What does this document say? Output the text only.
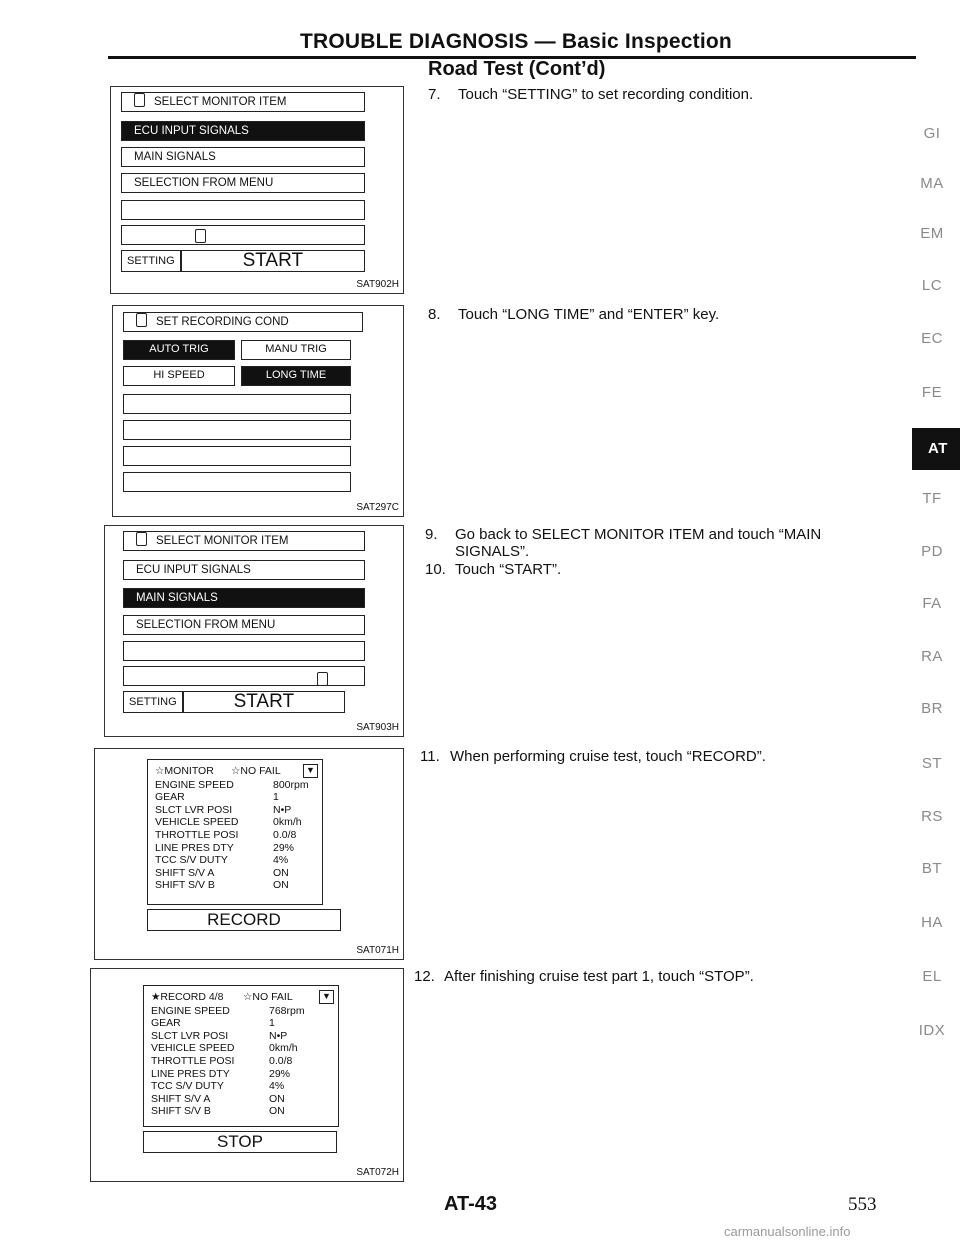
TROUBLE DIAGNOSIS — Basic Inspection
Road Test (Cont’d)
SELECT MONITOR ITEM
ECU INPUT SIGNALS
MAIN SIGNALS
SELECTION FROM MENU
SETTING	START
SAT902H
SET RECORDING COND
AUTO TRIG	MANU TRIG
HI SPEED	LONG TIME
SAT297C
SELECT MONITOR ITEM
ECU INPUT SIGNALS
MAIN SIGNALS
SELECTION FROM MENU
SETTING	START
SAT903H
☆MONITOR	☆NO FAIL
ENGINE SPEED	800rpm
GEAR	1
SLCT LVR POSI	N•P
VEHICLE SPEED	0km/h
THROTTLE POSI	0.0/8
LINE PRES DTY	29%
TCC S/V DUTY	4%
SHIFT S/V A	ON
SHIFT S/V B	ON
▼
RECORD
SAT071H
★RECORD 4/8	☆NO FAIL
ENGINE SPEED	768rpm
GEAR	1
SLCT LVR POSI	N•P
VEHICLE SPEED	0km/h
THROTTLE POSI	0.0/8
LINE PRES DTY	29%
TCC S/V DUTY	4%
SHIFT S/V A	ON
SHIFT S/V B	ON
▼
STOP
SAT072H
7. Touch “SETTING” to set recording condition.
8. Touch “LONG TIME” and “ENTER” key.
9. Go back to SELECT MONITOR ITEM and touch “MAIN
SIGNALS”.
10. Touch “START”.
11. When performing cruise test, touch “RECORD”.
12. After finishing cruise test part 1, touch “STOP”.
GI
MA
EM
LC
EC
FE
AT
TF
PD
FA
RA
BR
ST
RS
BT
HA
EL
IDX
AT-43	553
carmanualsonline.info
